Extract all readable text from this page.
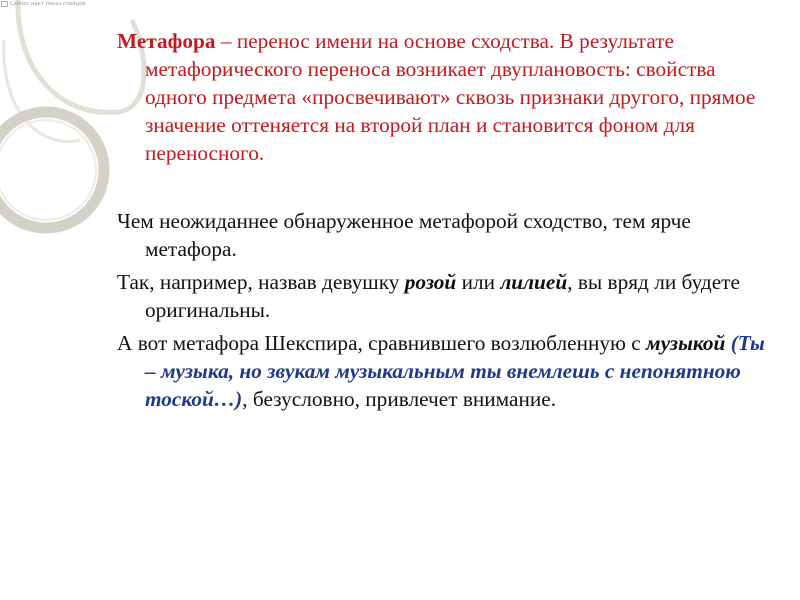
Сейчас идет показ слайдов

Метафора – перенос имени на основе сходства. В результате метафорического переноса возникает двуплановость: свойства одного предмета «просвечивают» сквозь признаки другого, прямое значение оттеняется на второй план и становится фоном для переносного.

Чем неожиданнее обнаруженное метафорой сходство, тем ярче метафора.

Так, например, назвав девушку розой или лилией, вы вряд ли будете оригинальны.

А вот метафора Шекспира, сравнившего возлюбленную с музыкой (Ты – музыка, но звукам музыкальным ты внемлешь с непонятною тоской…), безусловно, привлечет внимание.
